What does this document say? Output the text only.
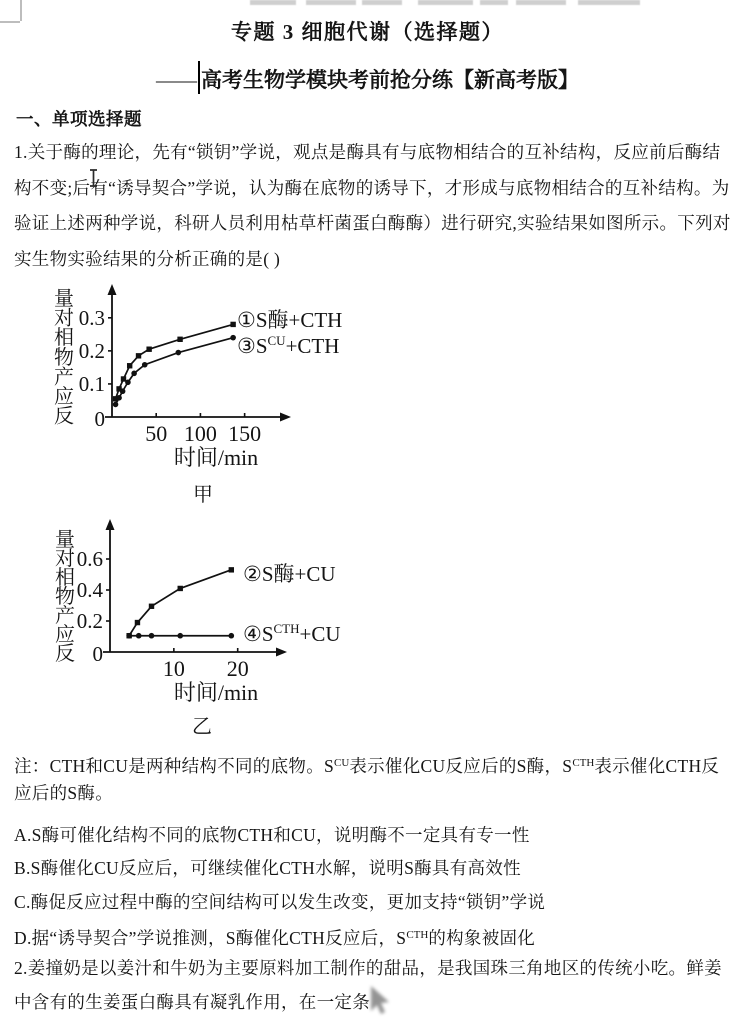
专题 3 细胞代谢（选择题）
—— 高考生物学模块考前抢分练【新高考版】
一、单项选择题
1.关于酶的理论，先有“锁钥”学说，观点是酶具有与底物相结合的互补结构，反应前后酶结
构不变;后有“诱导契合”学说，认为酶在底物的诱导下，才形成与底物相结合的互补结构。为
验证上述两种学说，科研人员利用枯草杆菌蛋白酶酶）进行研究,实验结果如图所示。下列对
实生物实验结果的分析正确的是( )
0
0.1
0.2
0.3
50 100 150
时间/min
量
对
相
物
产
应
反
①S酶+CTH
$③S^{CU}+CTH$
甲
0
0.2
0.4
0.6
10 20
时间/min
量
对
相
物
产
应
反
②S酶+CU
$④S^{CTH}+CU$
乙
注：CTH和CU是两种结构不同的底物。$S^{CU}$表示催化CU反应后的S酶，$S^{CTH}$表示催化CTH反
应后的S酶。
A.S酶可催化结构不同的底物CTH和CU，说明酶不一定具有专一性
B.S酶催化CU反应后，可继续催化CTH水解，说明S酶具有高效性
C.酶促反应过程中酶的空间结构可以发生改变，更加支持“锁钥”学说
D.据“诱导契合”学说推测，S酶催化CTH反应后，$S^{CTH}$的构象被固化
2.姜撞奶是以姜汁和牛奶为主要原料加工制作的甜品，是我国珠三角地区的传统小吃。鲜姜
中含有的生姜蛋白酶具有凝乳作用，在一定条
